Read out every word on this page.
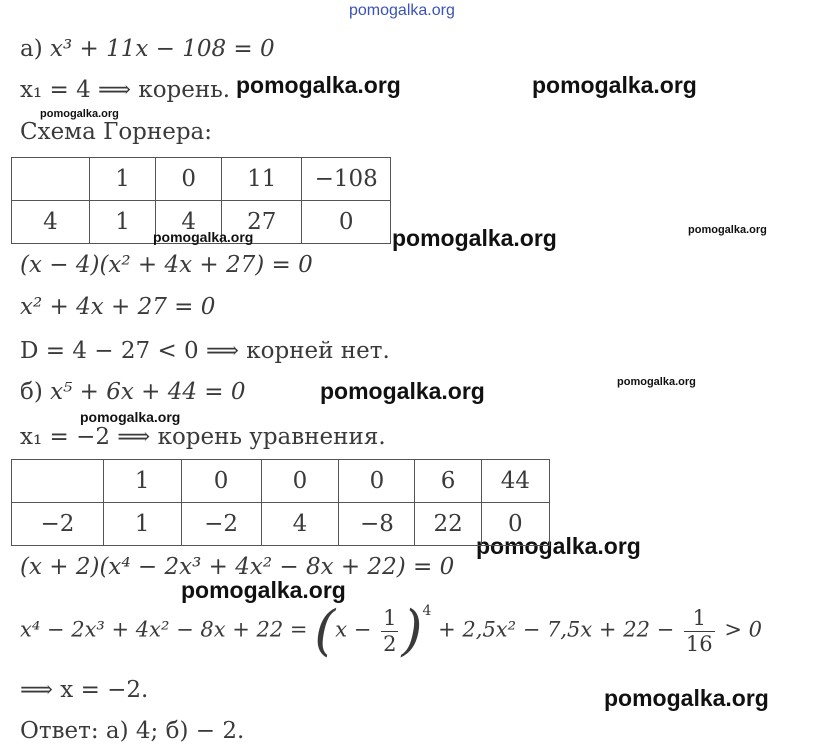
pomogalka.org
pomogalka.org	pomogalka.org
pomogalka.org
pomogalka.org
pomogalka.org
pomogalka.org	pomogalka.org
pomogalka.org
pomogalka.org
pomogalka.org
а) x³ + 11x − 108 = 0
x₁ = 4 ⟹ корень.
Схема Горнера:
	1	0	11	−108
4	1	4	27	0
pomogalka.org
(x − 4)(x² + 4x + 27) = 0
x² + 4x + 27 = 0
D = 4 − 27 < 0 ⟹ корней нет.
б) x⁵ + 6x + 44 = 0
pomogalka.org
x₁ = −2 ⟹ корень уравнения.
	1	0	0	0	6	44
−2	1	−2	4	−8	22	0
(x + 2)(x⁴ − 2x³ + 4x² − 8x + 22) = 0
$x^4 - 2x^3 + 4x^2 - 8x + 22 = (x - \frac{1}{2} )^4 + 2,5x^2 - 7,5x + 22 - \frac{1}{16} > 0$
⟹ x = −2.
Ответ: а) 4; б) − 2.
